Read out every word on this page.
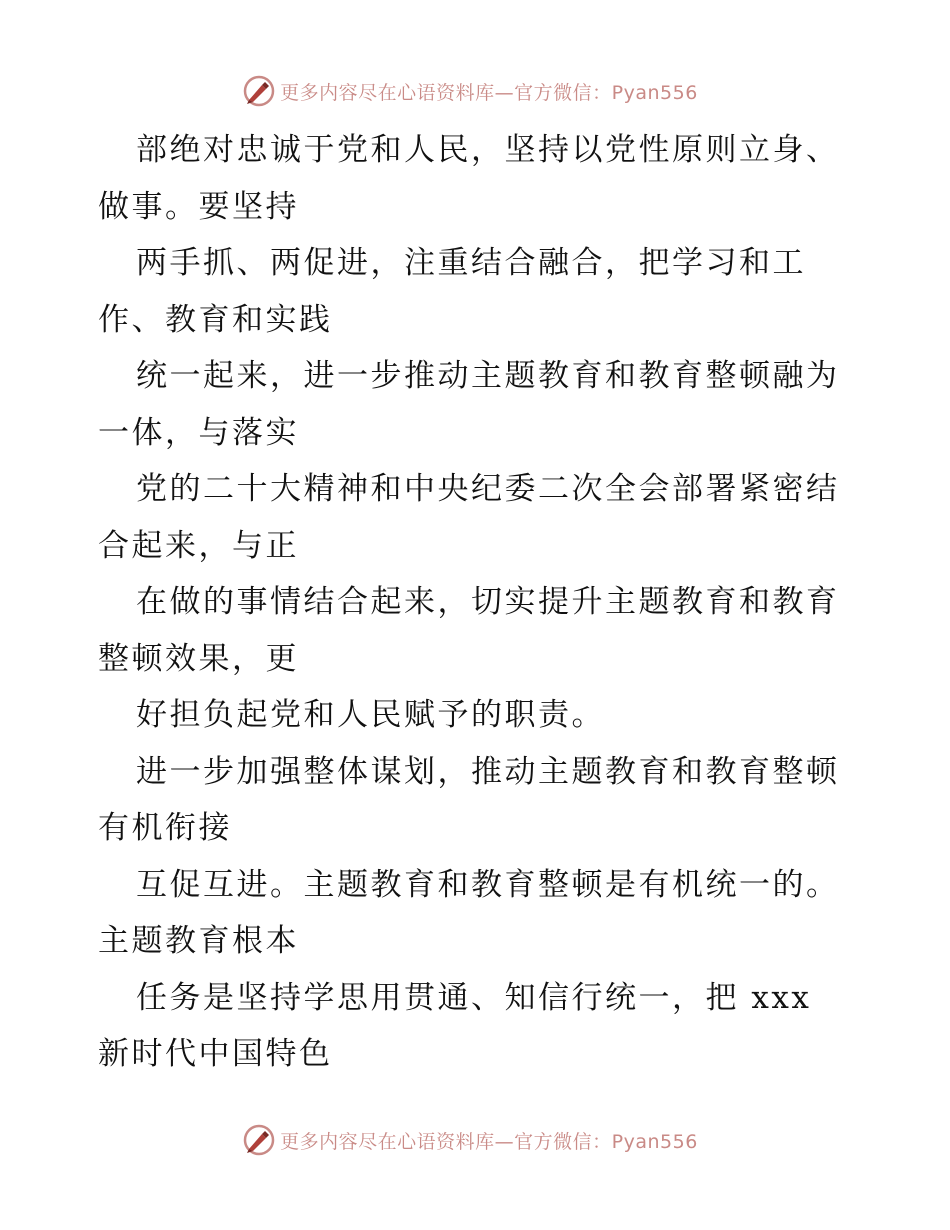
更多内容尽在心语资料库—官方微信：Pyan556

部绝对忠诚于党和人民，坚持以党性原则立身、

做事。要坚持

两手抓、两促进，注重结合融合，把学习和工

作、教育和实践

统一起来，进一步推动主题教育和教育整顿融为

一体，与落实

党的二十大精神和中央纪委二次全会部署紧密结

合起来，与正

在做的事情结合起来，切实提升主题教育和教育

整顿效果，更

好担负起党和人民赋予的职责。

进一步加强整体谋划，推动主题教育和教育整顿

有机衔接

互促互进。主题教育和教育整顿是有机统一的。

主题教育根本

任务是坚持学思用贯通、知信行统一，把 xxx

新时代中国特色

更多内容尽在心语资料库—官方微信：Pyan556
